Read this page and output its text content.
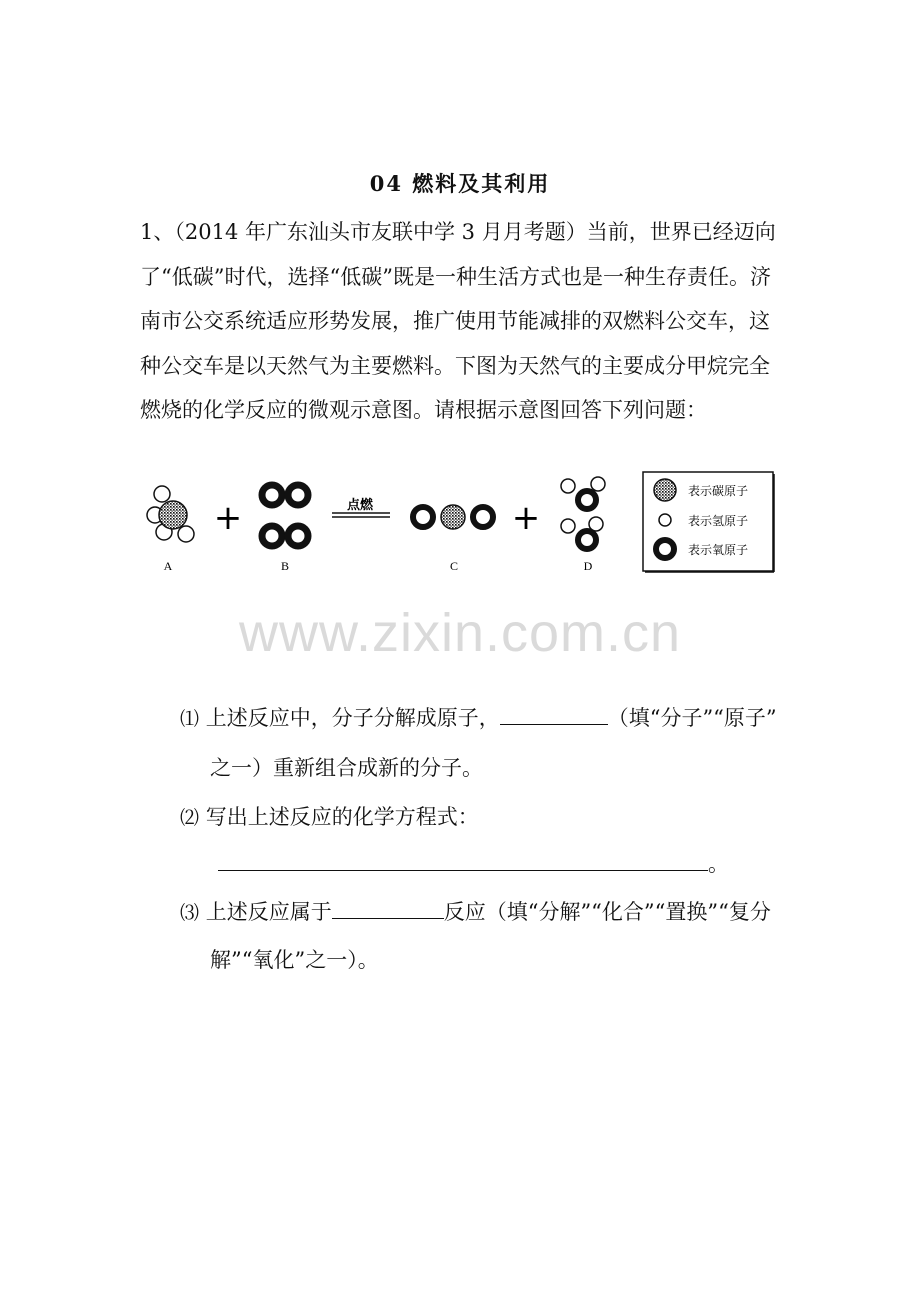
04 燃料及其利用

1、（2014 年广东汕头市友联中学 3 月月考题）当前，世界已经迈向

了“低碳”时代，选择“低碳”既是一种生活方式也是一种生存责任。济

南市公交系统适应形势发展，推广使用节能减排的双燃料公交车，这

种公交车是以天然气为主要燃料。下图为天然气的主要成分甲烷完全

燃烧的化学反应的微观示意图。请根据示意图回答下列问题：

A
+
B
点燃
C
+
D
表示碳原子
表示氢原子
表示氧原子
www.zixin.com.cn
⑴ 上述反应中，分子分解成原子，	（填“分子”“原子”
之一）重新组合成新的分子。
⑵ 写出上述反应的化学方程式：
。
⑶ 上述反应属于	反应（填“分解”“化合”“置换”“复分
解”“氧化”之一）。
